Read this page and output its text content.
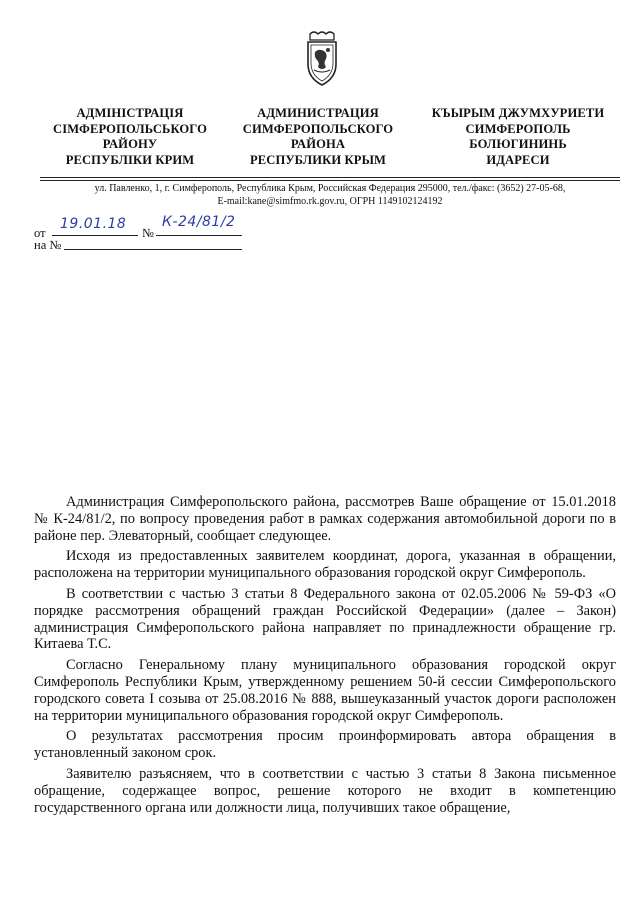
АДМІНІСТРАЦІЯ
СІМФЕРОПОЛЬСЬКОГО
РАЙОНУ
РЕСПУБЛІКИ КРИМ
АДМИНИСТРАЦИЯ
СИМФЕРОПОЛЬСКОГО
РАЙОНА
РЕСПУБЛИКИ КРЫМ
КЪЫРЫМ ДЖУМХУРИЕТИ
СИМФЕРОПОЛЬ
БОЛЮГИНИНЬ
ИДАРЕСИ
ул. Павленко, 1, г. Симферополь, Республика Крым, Российская Федерация 295000, тел./факс: (3652) 27-05-68,
E-mail:kane@simfmo.rk.gov.ru, ОГРН 1149102124192
от
19.01.18
№
К-24/81/2
на №

Администрация Симферопольского района, рассмотрев Ваше обращение от 15.01.2018 № К-24/81/2, по вопросу проведения работ в рамках содержания автомобильной дороги по в районе пер. Элеваторный, сообщает следующее.

Исходя из предоставленных заявителем координат, дорога, указанная в обращении, расположена на территории муниципального образования городской округ Симферополь.

В соответствии с частью 3 статьи 8 Федерального закона от 02.05.2006 № 59-ФЗ «О порядке рассмотрения обращений граждан Российской Федерации» (далее – Закон) администрация Симферопольского района направляет по принадлежности обращение гр. Китаева Т.С.

Согласно Генеральному плану муниципального образования городской округ Симферополь Республики Крым, утвержденному решением 50-й сессии Симферопольского городского совета I созыва от 25.08.2016 № 888, вышеуказанный участок дороги расположен на территории муниципального образования городской округ Симферополь.

О результатах рассмотрения просим проинформировать автора обращения в установленный законом срок.

Заявителю разъясняем, что в соответствии с частью 3 статьи 8 Закона письменное обращение, содержащее вопрос, решение которого не входит в компетенцию государственного органа или должности лица, получивших такое обращение,
